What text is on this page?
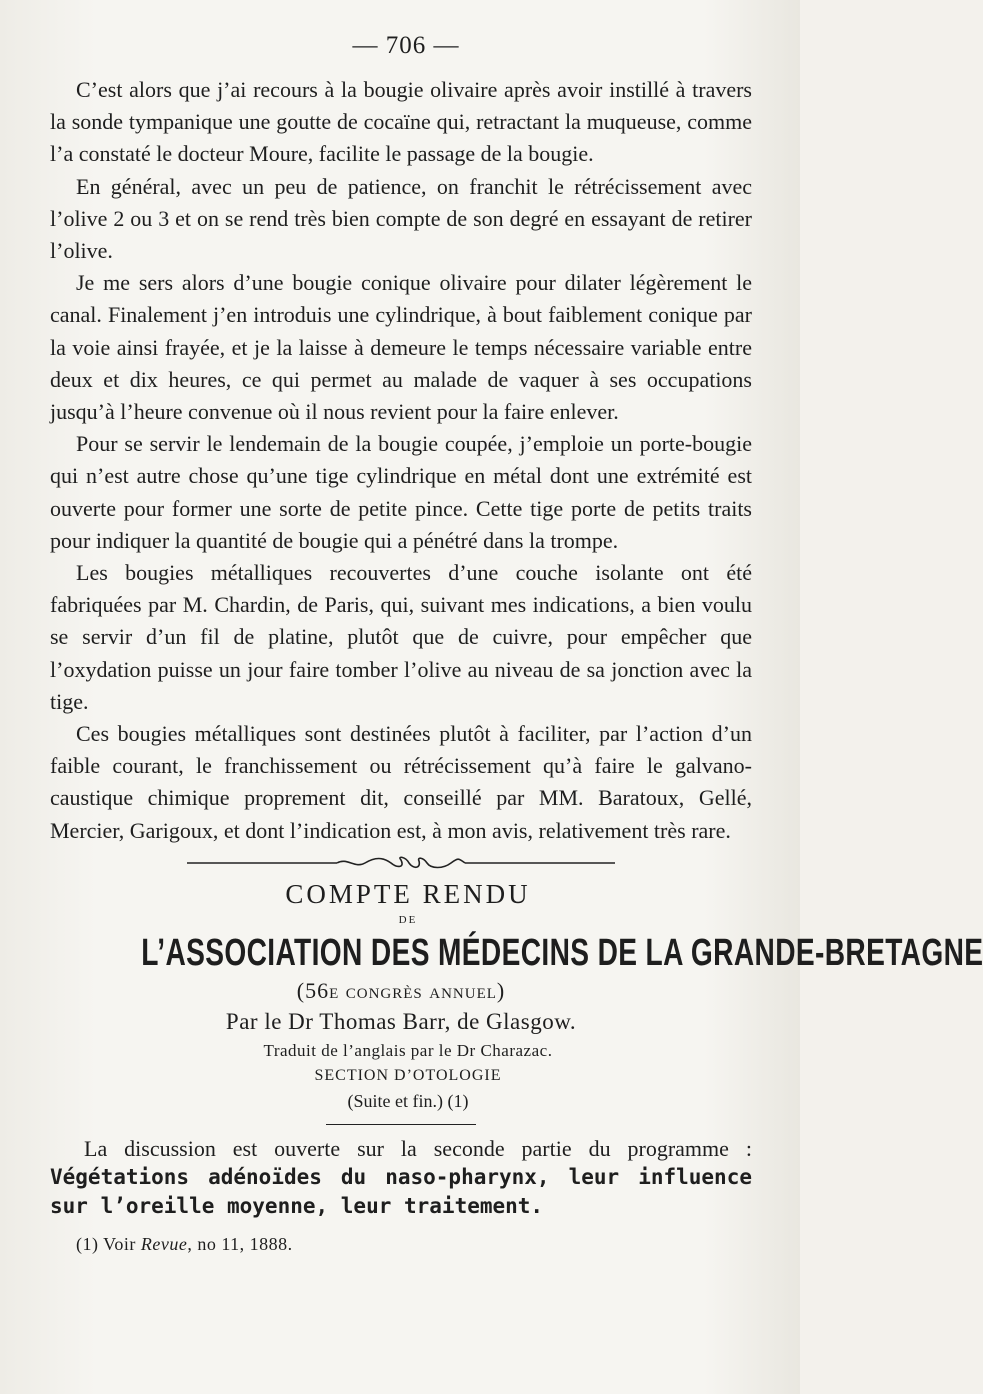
— 706 —

C’est alors que j’ai recours à la bougie olivaire après avoir instillé à travers la sonde tympanique une goutte de cocaïne qui, retractant la muqueuse, comme l’a constaté le docteur Moure, facilite le passage de la bougie.

En général, avec un peu de patience, on franchit le rétrécissement avec l’olive 2 ou 3 et on se rend très bien compte de son degré en essayant de retirer l’olive.

Je me sers alors d’une bougie conique olivaire pour dilater légèrement le canal. Finalement j’en introduis une cylindrique, à bout faiblement conique par la voie ainsi frayée, et je la laisse à demeure le temps nécessaire variable entre deux et dix heures, ce qui permet au malade de vaquer à ses occupations jusqu’à l’heure convenue où il nous revient pour la faire enlever.

Pour se servir le lendemain de la bougie coupée, j’emploie un porte-bougie qui n’est autre chose qu’une tige cylindrique en métal dont une extrémité est ouverte pour former une sorte de petite pince. Cette tige porte de petits traits pour indiquer la quantité de bougie qui a pénétré dans la trompe.

Les bougies métalliques recouvertes d’une couche isolante ont été fabriquées par M. Chardin, de Paris, qui, suivant mes indications, a bien voulu se servir d’un fil de platine, plutôt que de cuivre, pour empêcher que l’oxydation puisse un jour faire tomber l’olive au niveau de sa jonction avec la tige.

Ces bougies métalliques sont destinées plutôt à faciliter, par l’action d’un faible courant, le franchissement ou rétrécissement qu’à faire le galvano-caustique chimique proprement dit, conseillé par MM. Baratoux, Gellé, Mercier, Garigoux, et dont l’indication est, à mon avis, relativement très rare.

COMPTE RENDU

DE

L’ASSOCIATION DES MÉDECINS DE LA GRANDE-BRETAGNE

(56e congrès annuel)

Par le Dr Thomas Barr, de Glasgow.

Traduit de l’anglais par le Dr Charazac.

SECTION D’OTOLOGIE

(Suite et fin.) (1)

La discussion est ouverte sur la seconde partie du programme : Végétations adénoïdes du naso-pharynx, leur influence sur l’oreille moyenne, leur traitement.

(1) Voir Revue, no 11, 1888.
